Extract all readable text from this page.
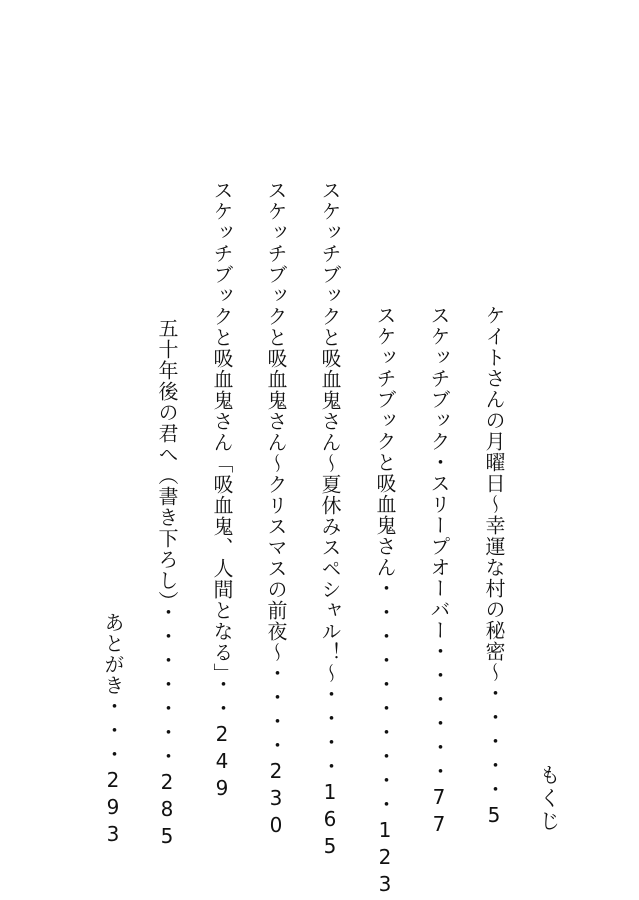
もくじ
ケイトさんの月曜日〜幸運な村の秘密〜・・・・・5
スケッチブック・スリープオーバー・・・・・・77
スケッチブックと吸血鬼さん・・・・・・・・・・123
スケッチブックと吸血鬼さん〜夏休みスペシャル！〜・・・・165
スケッチブックと吸血鬼さん〜クリスマスの前夜〜・・・・230
スケッチブックと吸血鬼さん「吸血鬼、人間となる」・・249
五十年後の君へ（書き下ろし）・・・・・・・285
あとがき・・・293
